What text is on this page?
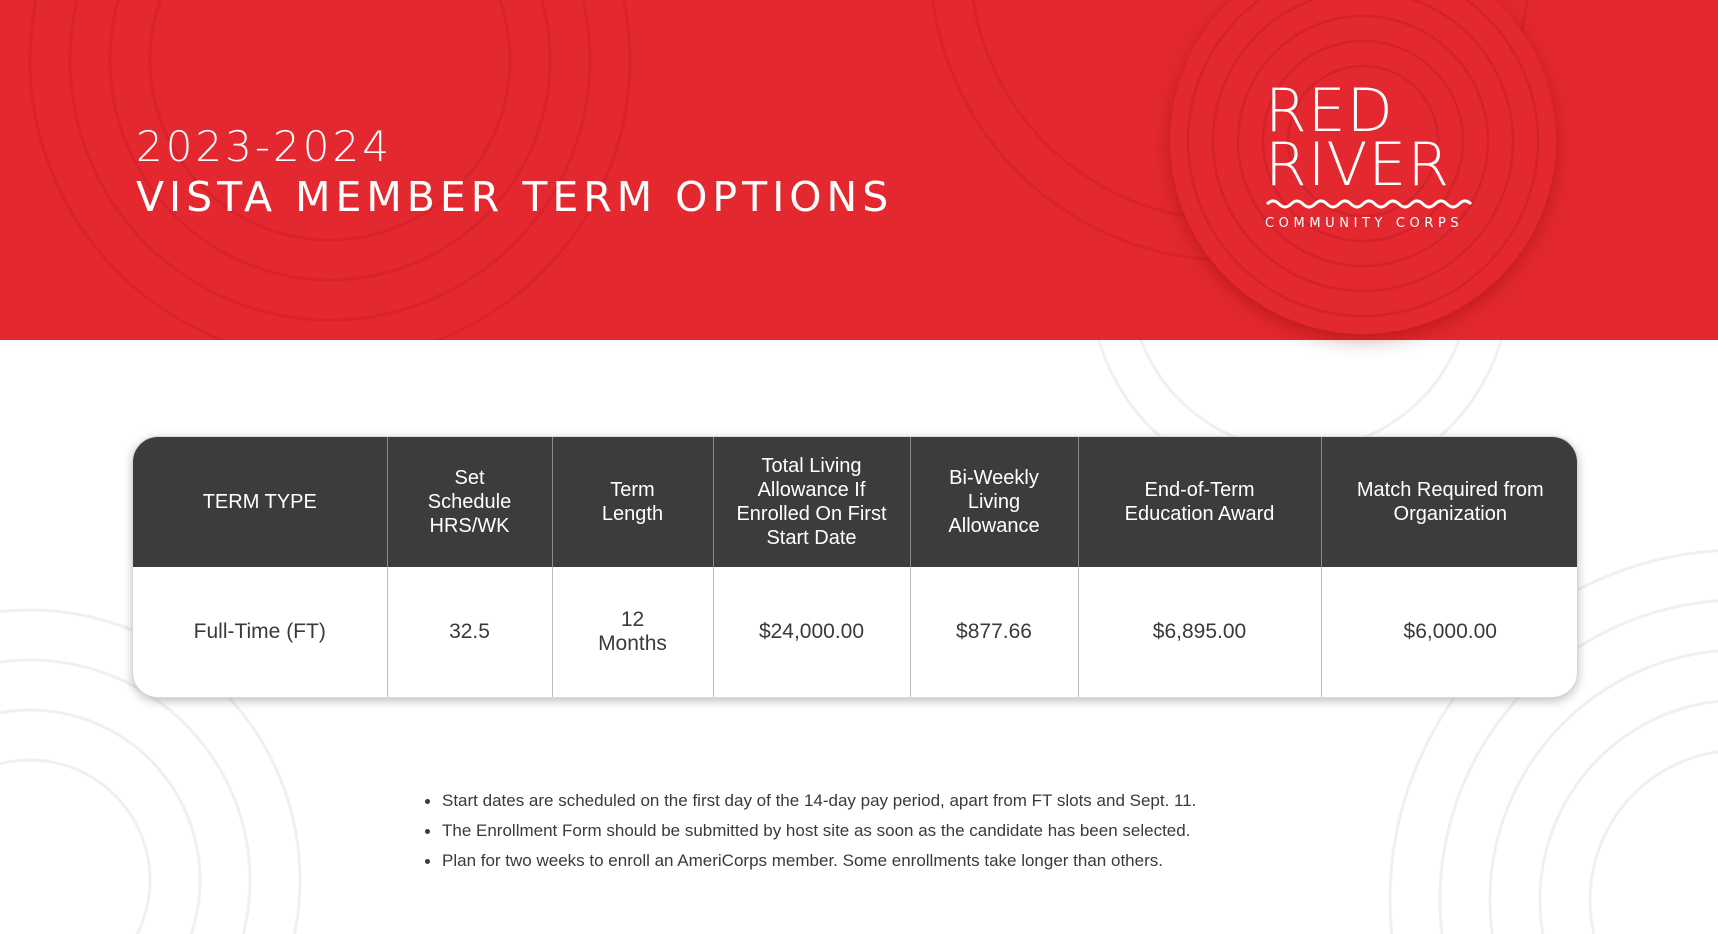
2023-2024
VISTA MEMBER TERM OPTIONS
RED
RIVER
COMMUNITY CORPS
TERM TYPE	Set Schedule HRS/WK	Term Length	Total Living Allowance If Enrolled On First Start Date	Bi-Weekly Living Allowance	End-of-Term Education Award	Match Required from Organization
Full-Time (FT)	32.5	12 Months	$24,000.00	$877.66	$6,895.00	$6,000.00
Start dates are scheduled on the first day of the 14-day pay period, apart from FT slots and Sept. 11.
The Enrollment Form should be submitted by host site as soon as the candidate has been selected.
Plan for two weeks to enroll an AmeriCorps member. Some enrollments take longer than others.
